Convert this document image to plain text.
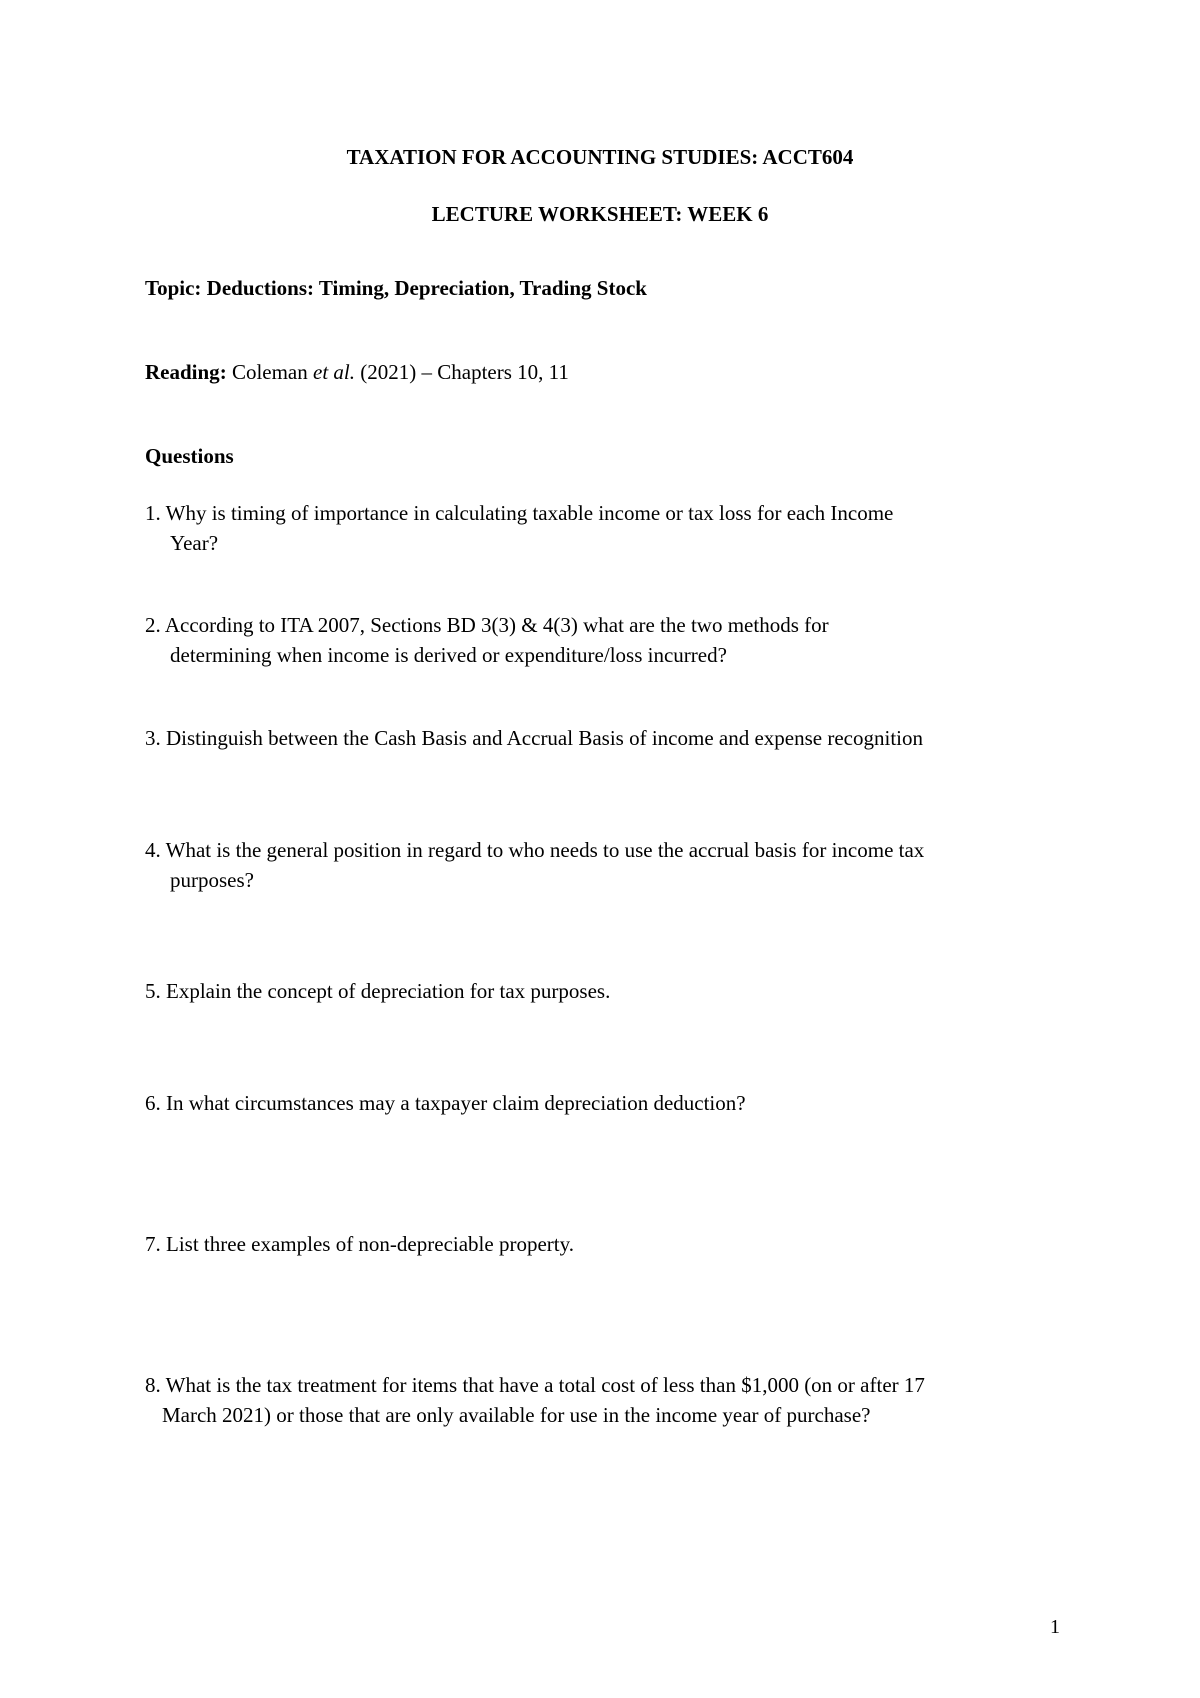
TAXATION FOR ACCOUNTING STUDIES: ACCT604
LECTURE WORKSHEET: WEEK 6
Topic: Deductions: Timing, Depreciation, Trading Stock
Reading: Coleman et al. (2021) – Chapters 10, 11
Questions
1. Why is timing of importance in calculating taxable income or tax loss for each Income
Year?
2. According to ITA 2007, Sections BD 3(3) & 4(3) what are the two methods for
determining when income is derived or expenditure/loss incurred?
3. Distinguish between the Cash Basis and Accrual Basis of income and expense recognition
4. What is the general position in regard to who needs to use the accrual basis for income tax
purposes?
5. Explain the concept of depreciation for tax purposes.
6. In what circumstances may a taxpayer claim depreciation deduction?
7. List three examples of non-depreciable property.
8. What is the tax treatment for items that have a total cost of less than $1,000 (on or after 17
March 2021) or those that are only available for use in the income year of purchase?
1
